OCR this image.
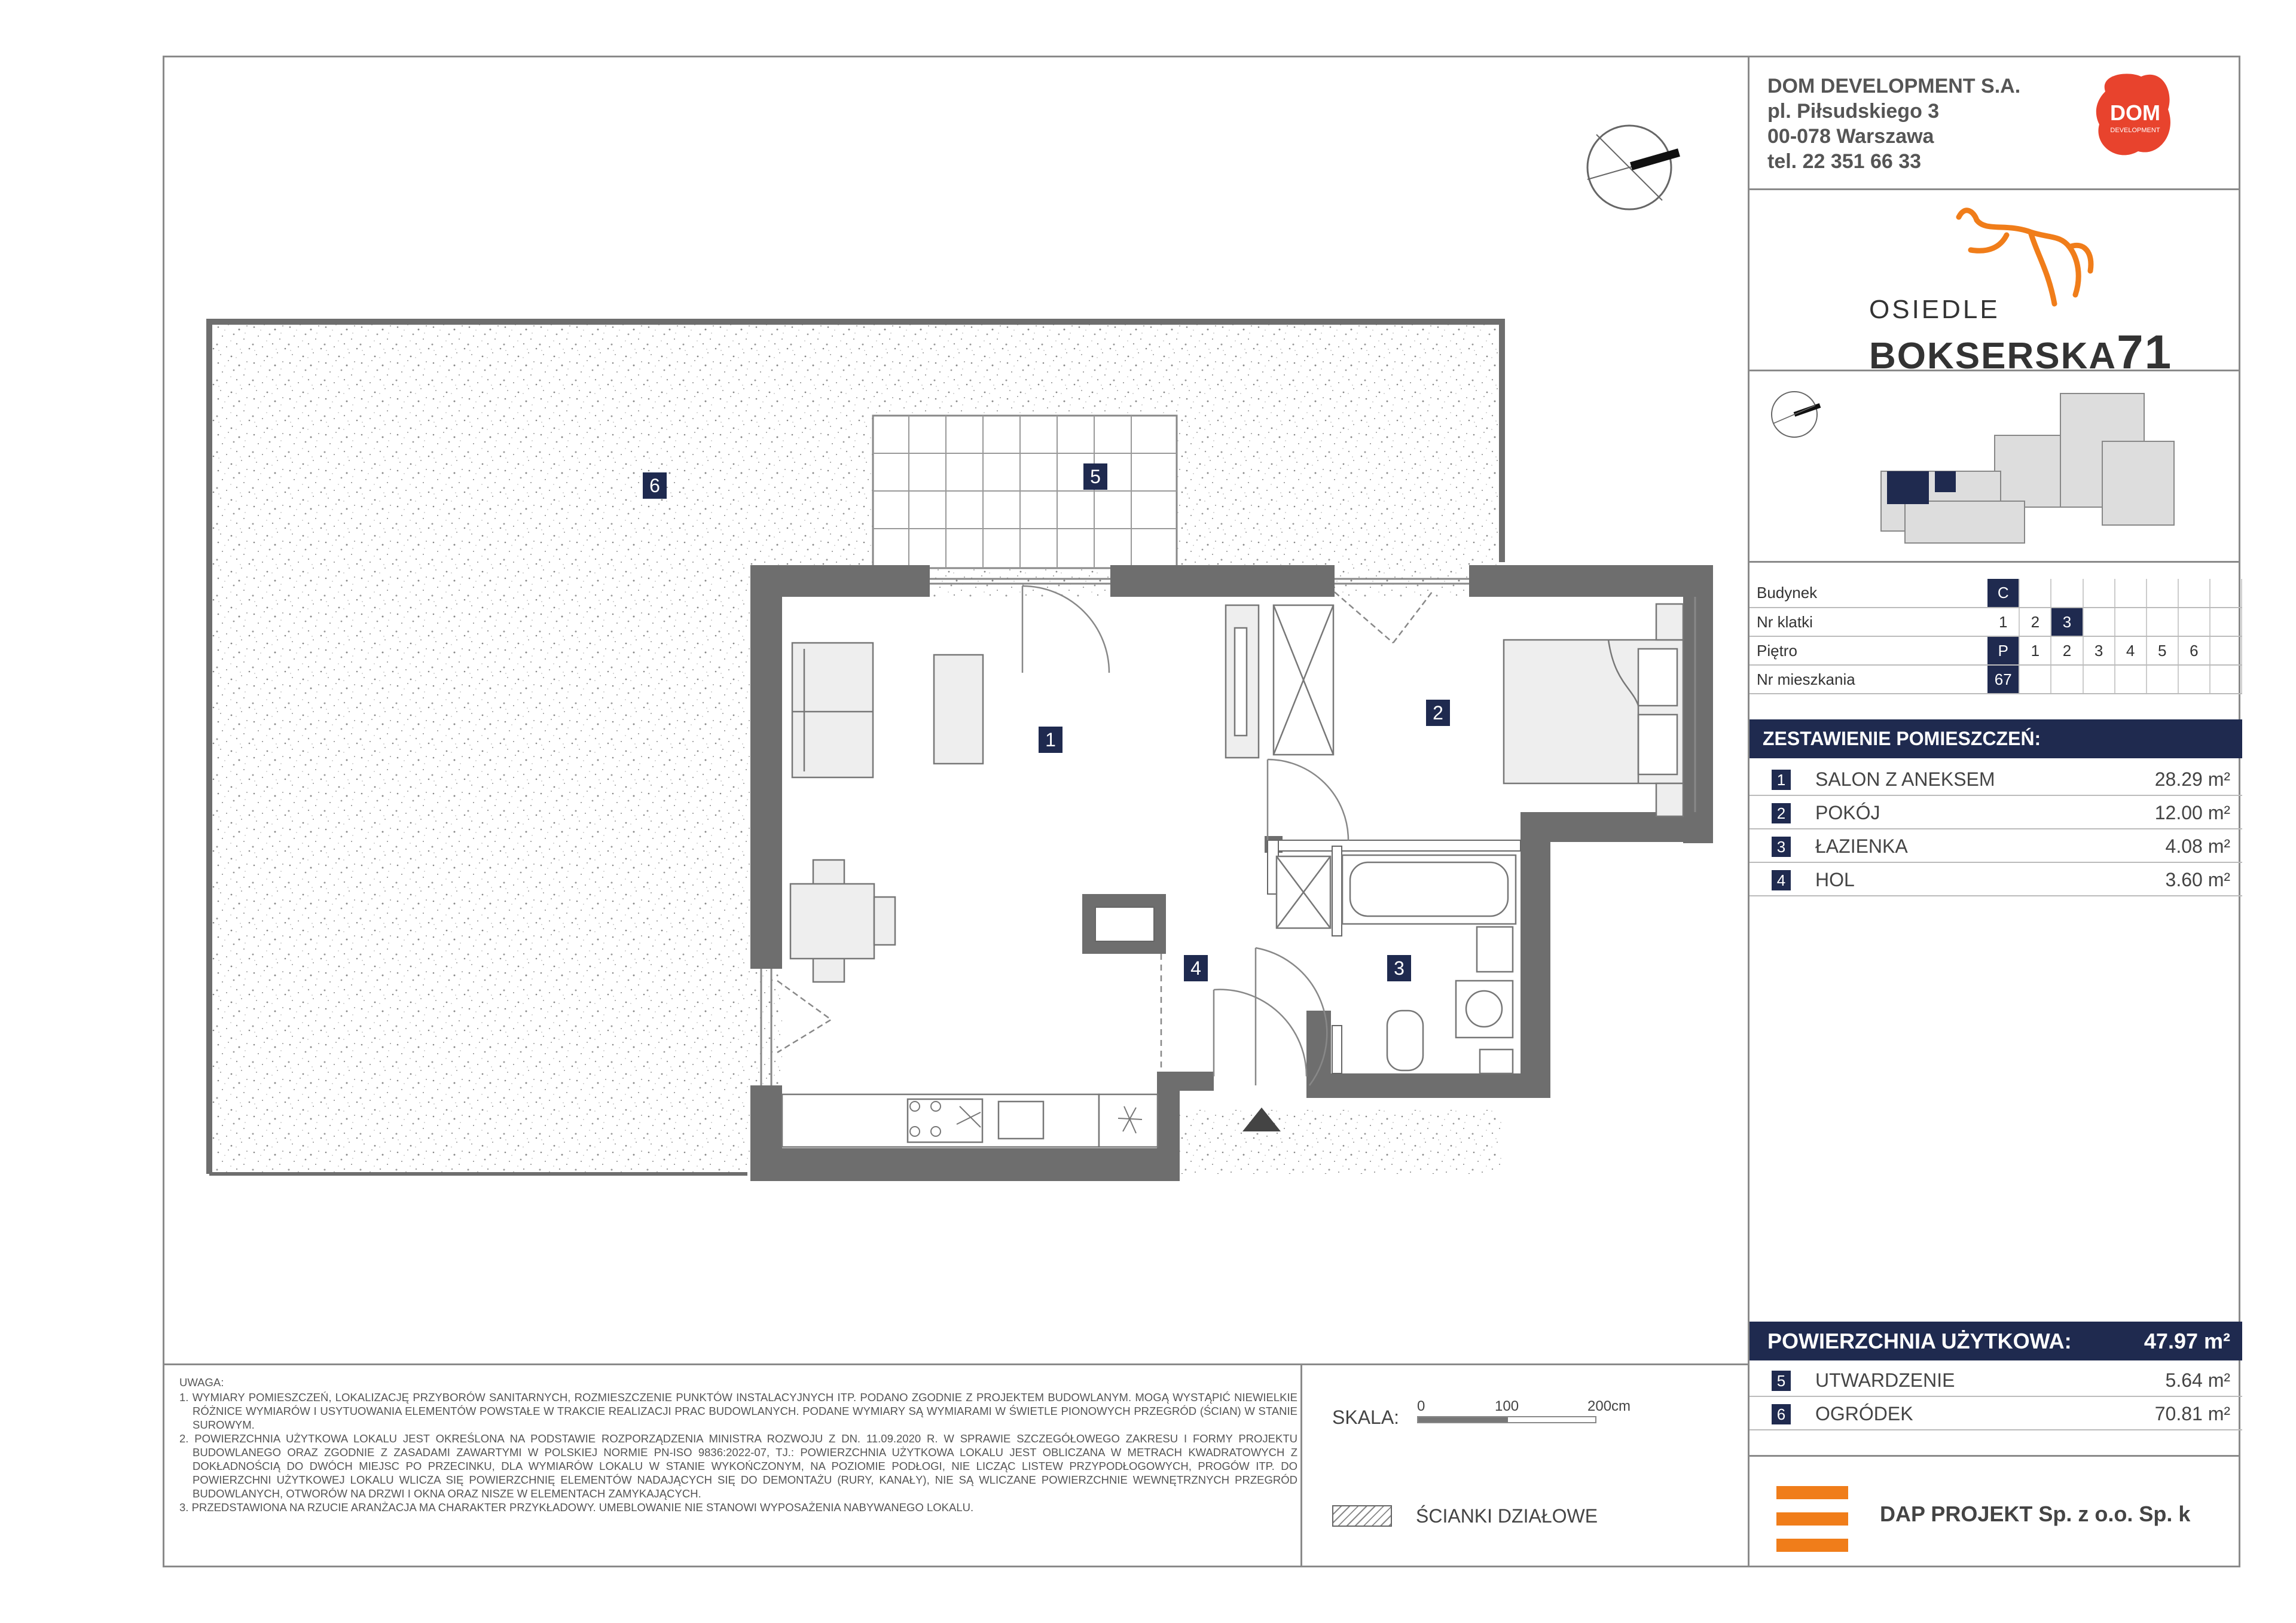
1
2
3
4
5
6
DOM DEVELOPMENT S.A.
pl. Piłsudskiego 3
00-078 Warszawa
tel. 22 351 66 33
DOM
DEVELOPMENT
OSIEDLE
BOKSERSKA71
Budynek	C							
Nr klatki	1	2	3					
Piętro	P	1	2	3	4	5	6	
Nr mieszkania	67							
ZESTAWIENIE POMIESZCZEŃ:
1 SALON Z ANEKSEM	28.29 m²
2 POKÓJ	12.00 m²
3 ŁAZIENKA	4.08 m²
4 HOL	3.60 m²
POWIERZCHNIA UŻYTKOWA:	47.97 m²
5 UTWARDZENIE	5.64 m²
6 OGRÓDEK	70.81 m²
DAP PROJEKT Sp. z o.o. Sp. k
UWAGA:
1. WYMIARY POMIESZCZEŃ, LOKALIZACJĘ PRZYBORÓW SANITARNYCH, ROZMIESZCZENIE PUNKTÓW INSTALACYJNYCH ITP. PODANO ZGODNIE Z PROJEKTEM BUDOWLANYM. MOGĄ WYSTĄPIĆ NIEWIELKIE RÓŻNICE WYMIARÓW I USYTUOWANIA ELEMENTÓW POWSTAŁE W TRAKCIE REALIZACJI PRAC BUDOWLANYCH. PODANE WYMIARY SĄ WYMIARAMI W ŚWIETLE PIONOWYCH PRZEGRÓD (ŚCIAN) W STANIE SUROWYM.
2. POWIERZCHNIA UŻYTKOWA LOKALU JEST OKREŚLONA NA PODSTAWIE ROZPORZĄDZENIA MINISTRA ROZWOJU Z DN. 11.09.2020 R. W SPRAWIE SZCZEGÓŁOWEGO ZAKRESU I FORMY PROJEKTU BUDOWLANEGO ORAZ ZGODNIE Z ZASADAMI ZAWARTYMI W POLSKIEJ NORMIE PN-ISO 9836:2022-07, TJ.: POWIERZCHNIA UŻYTKOWA LOKALU JEST OBLICZANA W METRACH KWADRATOWYCH Z DOKŁADNOŚCIĄ DO DWÓCH MIEJSC PO PRZECINKU, DLA WYMIARÓW LOKALU W STANIE WYKOŃCZONYM, NA POZIOMIE PODŁOGI, NIE LICZĄC LISTEW PRZYPODŁOGOWYCH, PROGÓW ITP. DO POWIERZCHNI UŻYTKOWEJ LOKALU WLICZA SIĘ POWIERZCHNIĘ ELEMENTÓW NADAJĄCYCH SIĘ DO DEMONTAŻU (RURY, KANAŁY), NIE SĄ WLICZANE POWIERZCHNIE WEWNĘTRZNYCH PRZEGRÓD BUDOWLANYCH, OTWORÓW NA DRZWI I OKNA ORAZ NISZE W ELEMENTACH ZAMYKAJĄCYCH.
3. PRZEDSTAWIONA NA RZUCIE ARANŻACJA MA CHARAKTER PRZYKŁADOWY. UMEBLOWANIE NIE STANOWI WYPOSAŻENIA NABYWANEGO LOKALU.
SKALA:
0	100	200cm
ŚCIANKI DZIAŁOWE
